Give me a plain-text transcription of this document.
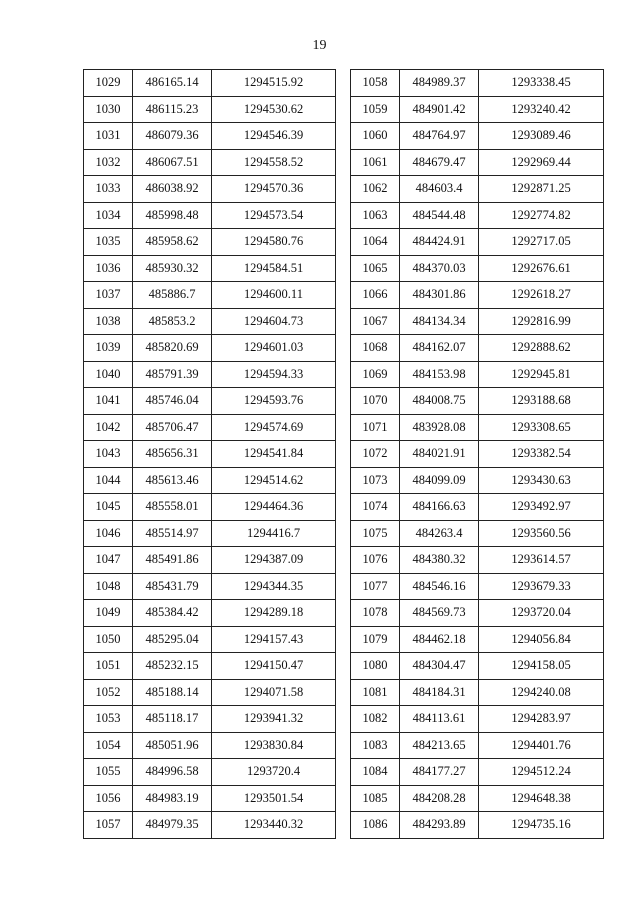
19
1029	486165.14	1294515.92
1030	486115.23	1294530.62
1031	486079.36	1294546.39
1032	486067.51	1294558.52
1033	486038.92	1294570.36
1034	485998.48	1294573.54
1035	485958.62	1294580.76
1036	485930.32	1294584.51
1037	485886.7	1294600.11
1038	485853.2	1294604.73
1039	485820.69	1294601.03
1040	485791.39	1294594.33
1041	485746.04	1294593.76
1042	485706.47	1294574.69
1043	485656.31	1294541.84
1044	485613.46	1294514.62
1045	485558.01	1294464.36
1046	485514.97	1294416.7
1047	485491.86	1294387.09
1048	485431.79	1294344.35
1049	485384.42	1294289.18
1050	485295.04	1294157.43
1051	485232.15	1294150.47
1052	485188.14	1294071.58
1053	485118.17	1293941.32
1054	485051.96	1293830.84
1055	484996.58	1293720.4
1056	484983.19	1293501.54
1057	484979.35	1293440.32
1058	484989.37	1293338.45
1059	484901.42	1293240.42
1060	484764.97	1293089.46
1061	484679.47	1292969.44
1062	484603.4	1292871.25
1063	484544.48	1292774.82
1064	484424.91	1292717.05
1065	484370.03	1292676.61
1066	484301.86	1292618.27
1067	484134.34	1292816.99
1068	484162.07	1292888.62
1069	484153.98	1292945.81
1070	484008.75	1293188.68
1071	483928.08	1293308.65
1072	484021.91	1293382.54
1073	484099.09	1293430.63
1074	484166.63	1293492.97
1075	484263.4	1293560.56
1076	484380.32	1293614.57
1077	484546.16	1293679.33
1078	484569.73	1293720.04
1079	484462.18	1294056.84
1080	484304.47	1294158.05
1081	484184.31	1294240.08
1082	484113.61	1294283.97
1083	484213.65	1294401.76
1084	484177.27	1294512.24
1085	484208.28	1294648.38
1086	484293.89	1294735.16
